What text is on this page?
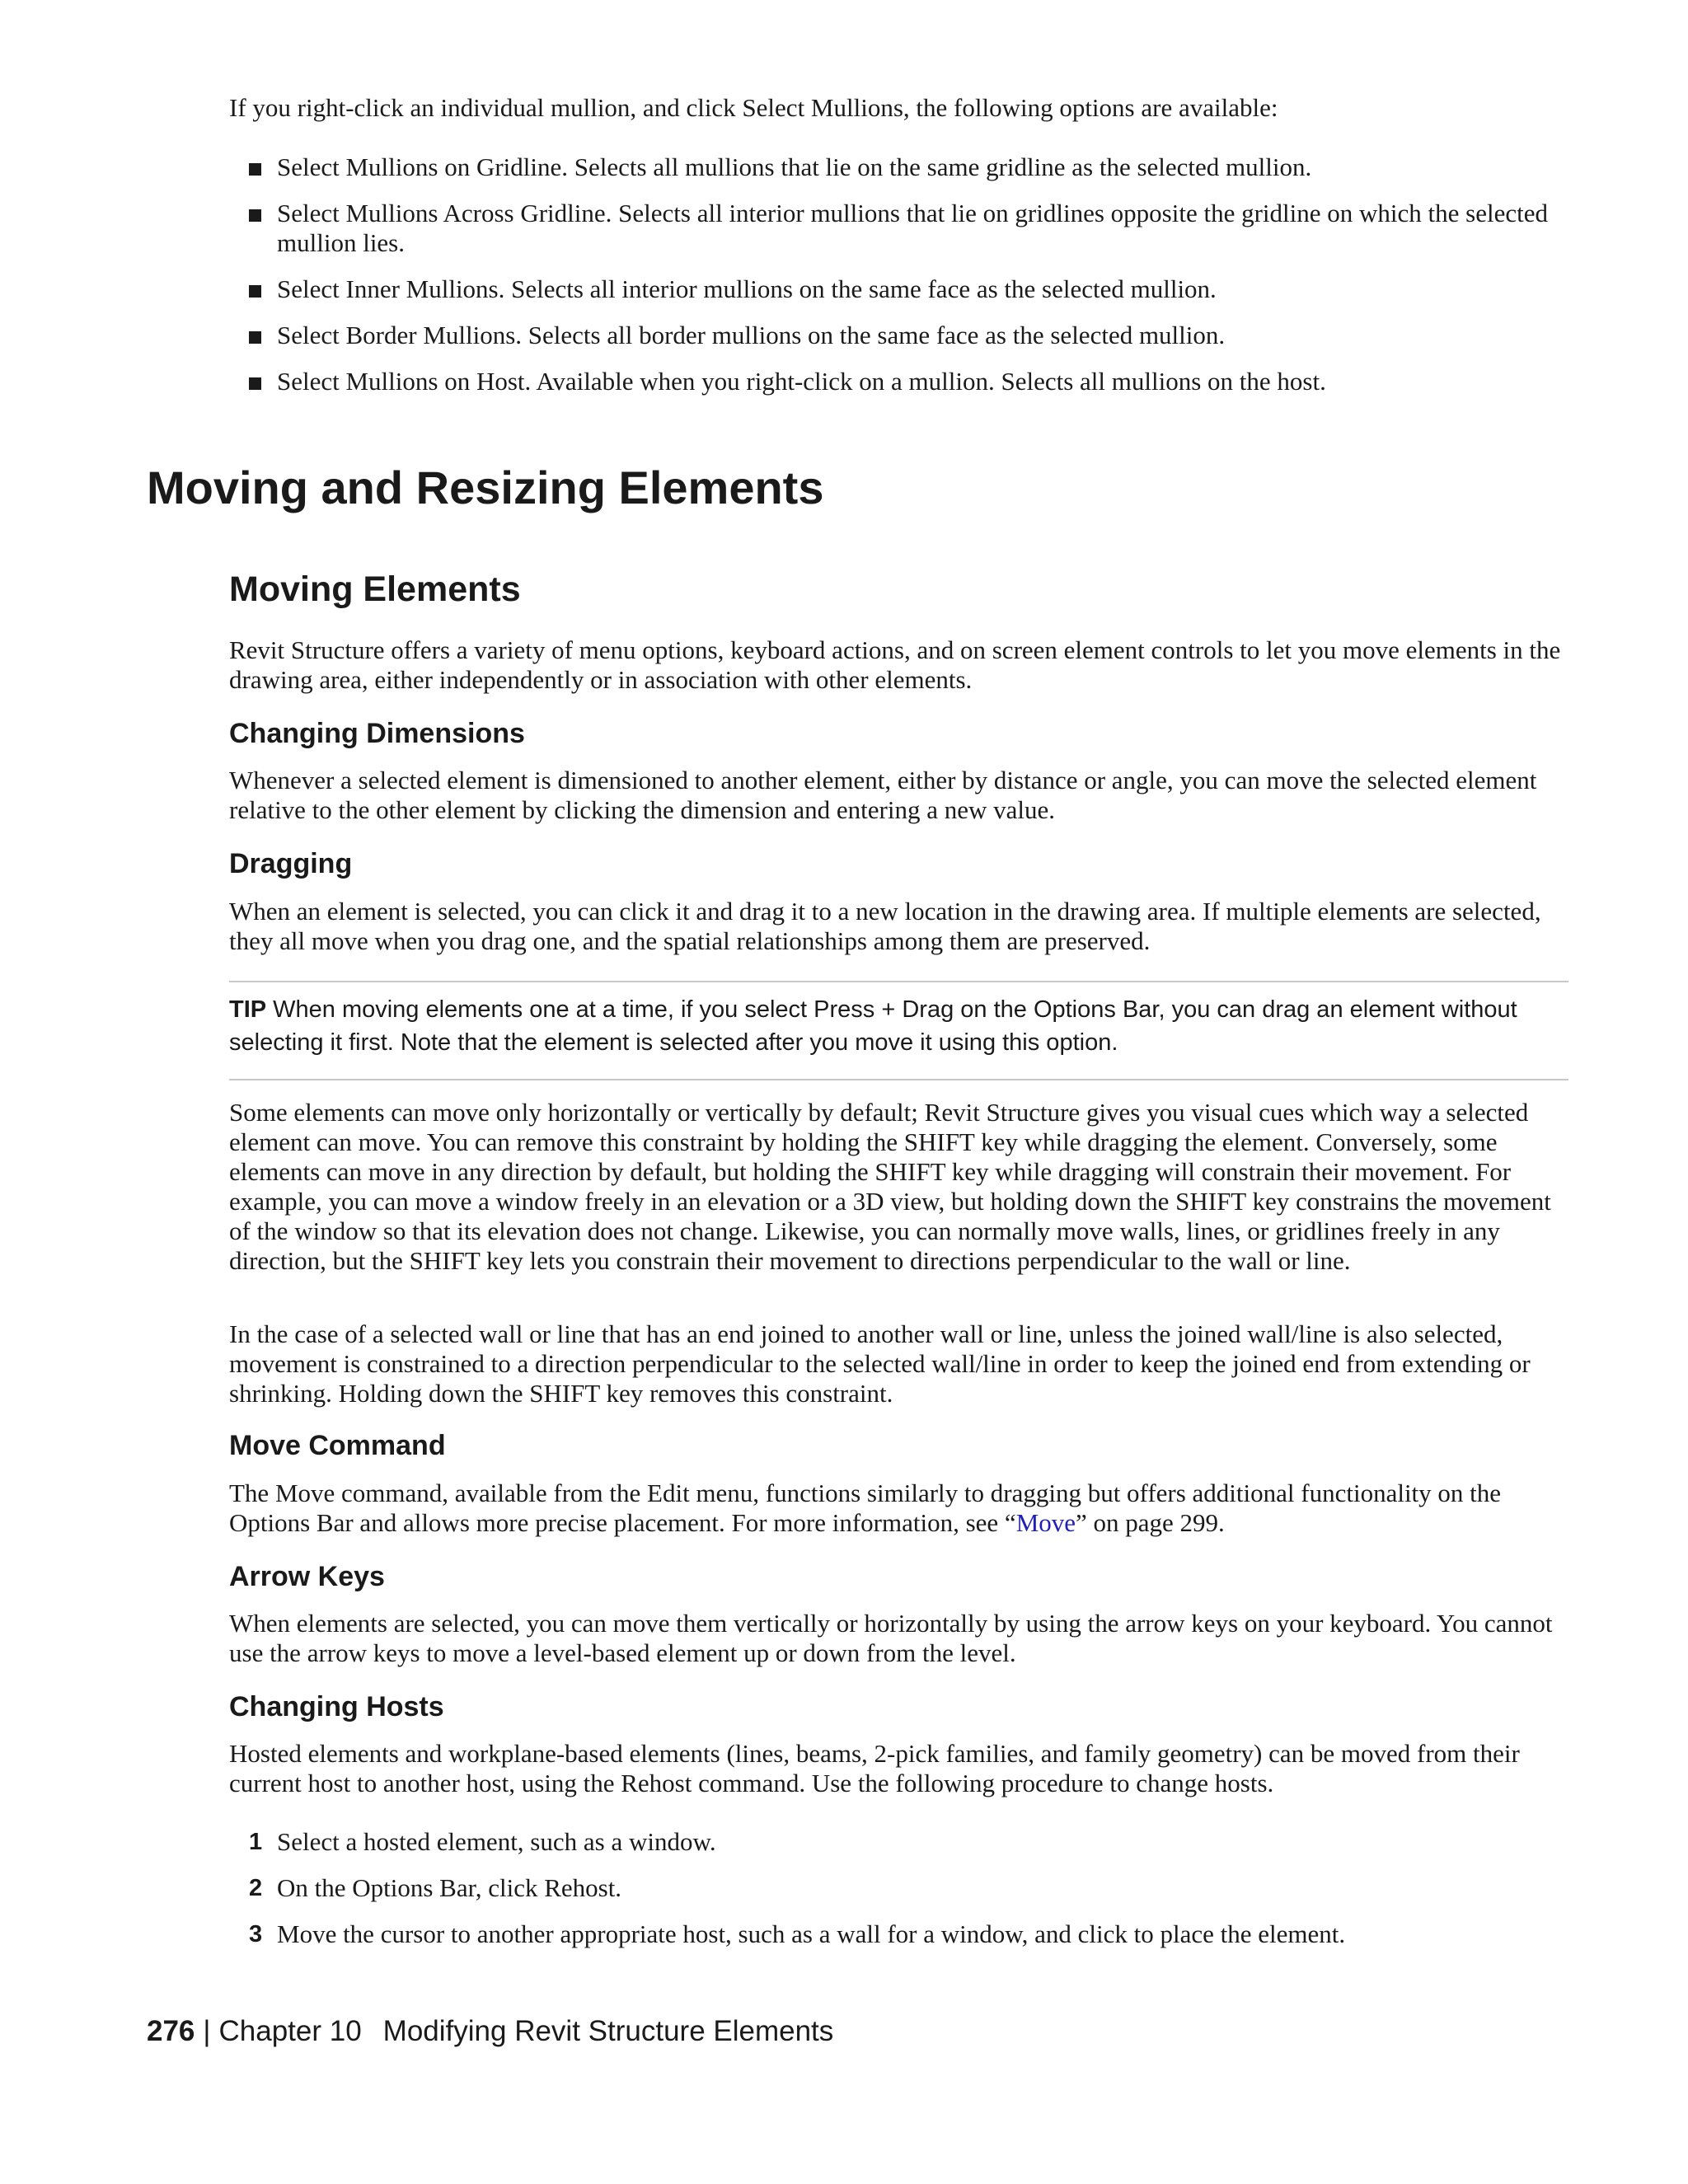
If you right-click an individual mullion, and click Select Mullions, the following options are available:

Select Mullions on Gridline. Selects all mullions that lie on the same gridline as the selected mullion.
Select Mullions Across Gridline. Selects all interior mullions that lie on gridlines opposite the gridline on which the selected mullion lies.
Select Inner Mullions. Selects all interior mullions on the same face as the selected mullion.
Select Border Mullions. Selects all border mullions on the same face as the selected mullion.
Select Mullions on Host. Available when you right-click on a mullion. Selects all mullions on the host.
Moving and Resizing Elements
Moving Elements

Revit Structure offers a variety of menu options, keyboard actions, and on screen element controls to let you move elements in the drawing area, either independently or in association with other elements.

Changing Dimensions

Whenever a selected element is dimensioned to another element, either by distance or angle, you can move the selected element relative to the other element by clicking the dimension and entering a new value.

Dragging

When an element is selected, you can click it and drag it to a new location in the drawing area. If multiple elements are selected, they all move when you drag one, and the spatial relationships among them are preserved.

TIP When moving elements one at a time, if you select Press + Drag on the Options Bar, you can drag an element without selecting it first. Note that the element is selected after you move it using this option.

Some elements can move only horizontally or vertically by default; Revit Structure gives you visual cues which way a selected element can move. You can remove this constraint by holding the SHIFT key while dragging the element. Conversely, some elements can move in any direction by default, but holding the SHIFT key while dragging will constrain their movement. For example, you can move a window freely in an elevation or a 3D view, but holding down the SHIFT key constrains the movement of the window so that its elevation does not change. Likewise, you can normally move walls, lines, or gridlines freely in any direction, but the SHIFT key lets you constrain their movement to directions perpendicular to the wall or line.

In the case of a selected wall or line that has an end joined to another wall or line, unless the joined wall/line is also selected, movement is constrained to a direction perpendicular to the selected wall/line in order to keep the joined end from extending or shrinking. Holding down the SHIFT key removes this constraint.

Move Command

The Move command, available from the Edit menu, functions similarly to dragging but offers additional functionality on the Options Bar and allows more precise placement. For more information, see “Move” on page 299.

Arrow Keys

When elements are selected, you can move them vertically or horizontally by using the arrow keys on your keyboard. You cannot use the arrow keys to move a level-based element up or down from the level.

Changing Hosts

Hosted elements and workplane-based elements (lines, beams, 2-pick families, and family geometry) can be moved from their current host to another host, using the Rehost command. Use the following procedure to change hosts.

1 Select a hosted element, such as a window.
2 On the Options Bar, click Rehost.
3 Move the cursor to another appropriate host, such as a wall for a window, and click to place the element.
276 | Chapter 10 Modifying Revit Structure Elements
